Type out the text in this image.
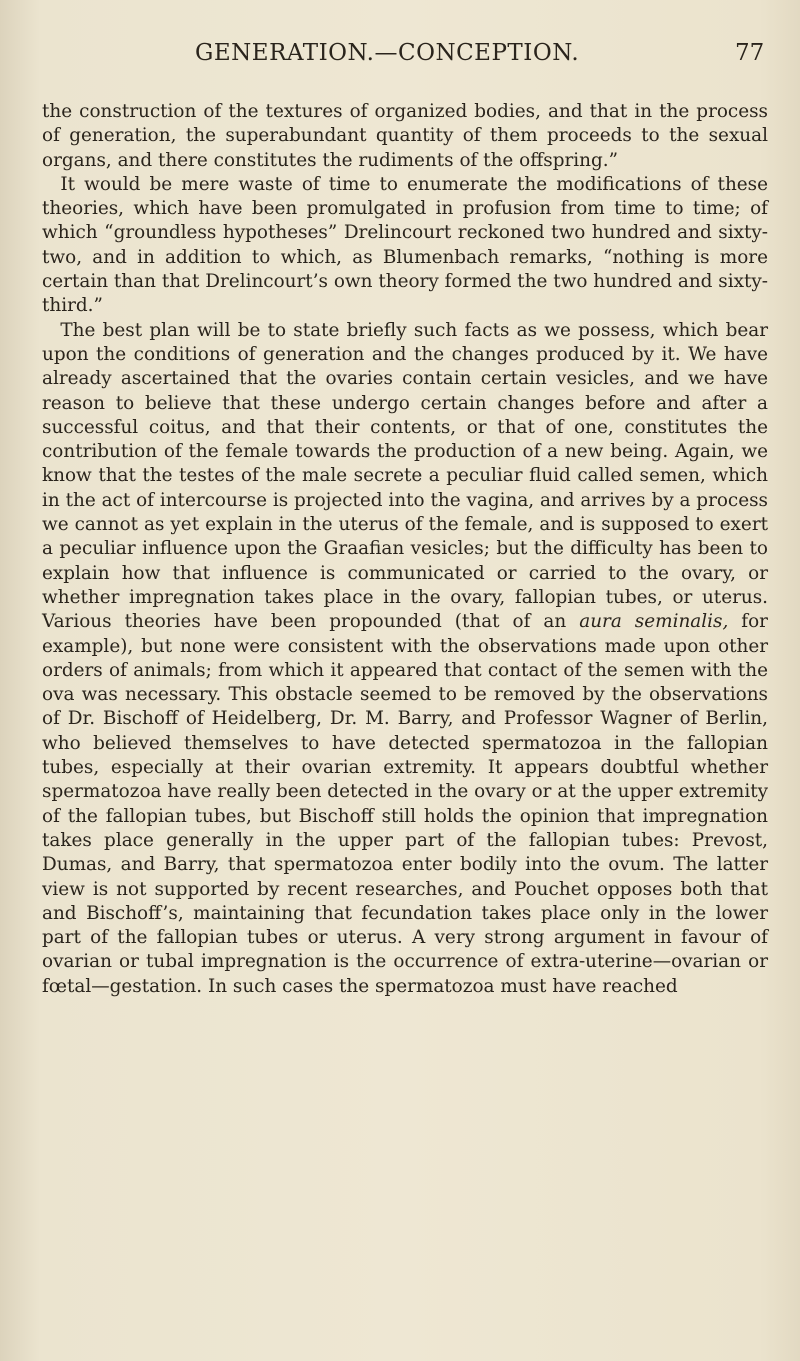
GENERATION.—CONCEPTION.	77

the construction of the textures of organized bodies, and that in the process of generation, the superabundant quantity of them proceeds to the sexual organs, and there constitutes the rudiments of the offspring.”

It would be mere waste of time to enumerate the modifications of these theories, which have been promulgated in profusion from time to time; of which “groundless hypotheses” Drelincourt reckoned two hundred and sixty-two, and in addition to which, as Blumenbach remarks, “nothing is more certain than that Drelincourt’s own theory formed the two hundred and sixty-third.”

The best plan will be to state briefly such facts as we possess, which bear upon the conditions of generation and the changes produced by it. We have already ascertained that the ovaries contain certain vesicles, and we have reason to believe that these undergo certain changes before and after a successful coitus, and that their contents, or that of one, constitutes the contribution of the female towards the production of a new being. Again, we know that the testes of the male secrete a peculiar fluid called semen, which in the act of intercourse is projected into the vagina, and arrives by a process we cannot as yet explain in the uterus of the female, and is supposed to exert a peculiar influence upon the Graafian vesicles; but the difficulty has been to explain how that influence is communicated or carried to the ovary, or whether impregnation takes place in the ovary, fallopian tubes, or uterus. Various theories have been propounded (that of an aura seminalis, for example), but none were consistent with the observations made upon other orders of animals; from which it appeared that contact of the semen with the ova was necessary. This obstacle seemed to be removed by the observations of Dr. Bischoff of Heidelberg, Dr. M. Barry, and Professor Wagner of Berlin, who believed themselves to have detected spermatozoa in the fallopian tubes, especially at their ovarian extremity. It appears doubtful whether spermatozoa have really been detected in the ovary or at the upper extremity of the fallopian tubes, but Bischoff still holds the opinion that impregnation takes place generally in the upper part of the fallopian tubes: Prevost, Dumas, and Barry, that spermatozoa enter bodily into the ovum. The latter view is not supported by recent researches, and Pouchet opposes both that and Bischoff’s, maintaining that fecundation takes place only in the lower part of the fallopian tubes or uterus. A very strong argument in favour of ovarian or tubal impregnation is the occurrence of extra-uterine—ovarian or fœtal—gestation. In such cases the spermatozoa must have reached
